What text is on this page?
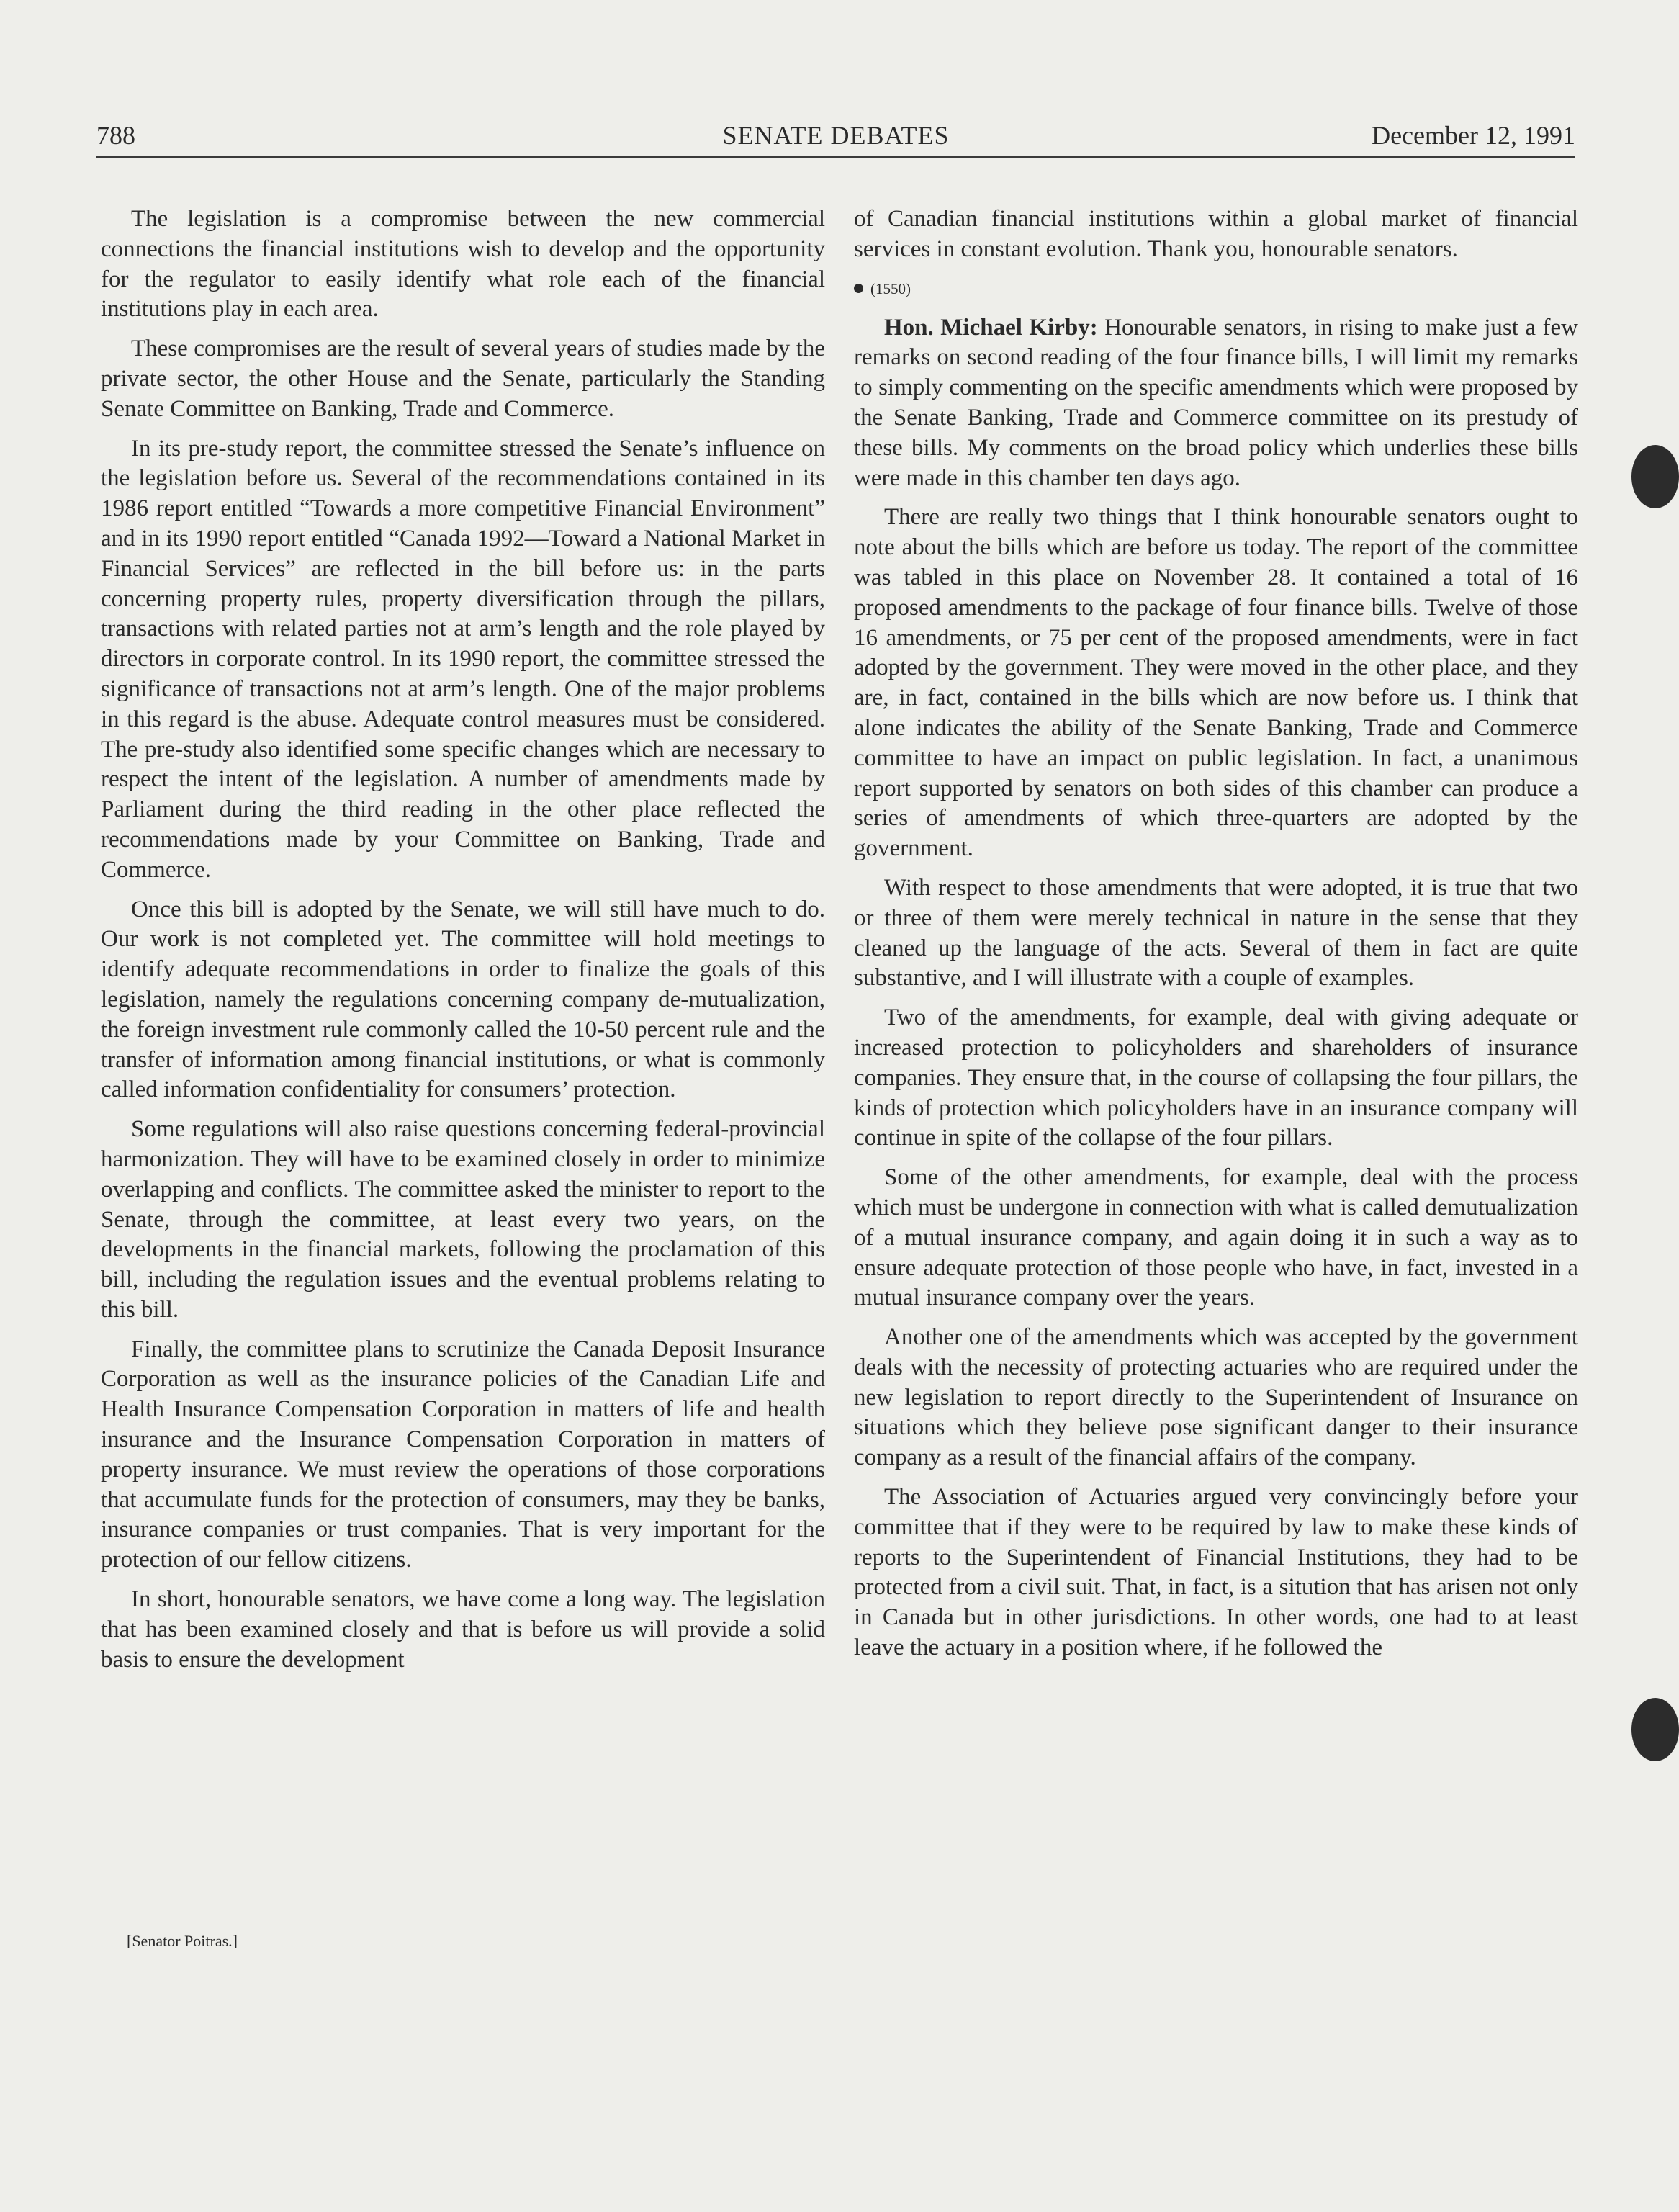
788	SENATE DEBATES	December 12, 1991

The legislation is a compromise between the new commercial connections the financial institutions wish to develop and the opportunity for the regulator to easily identify what role each of the financial institutions play in each area.

These compromises are the result of several years of studies made by the private sector, the other House and the Senate, particularly the Standing Senate Committee on Banking, Trade and Commerce.

In its pre-study report, the committee stressed the Senate’s influence on the legislation before us. Several of the recommendations contained in its 1986 report entitled “Towards a more competitive Financial Environment” and in its 1990 report entitled “Canada 1992—Toward a National Market in Financial Services” are reflected in the bill before us: in the parts concerning property rules, property diversification through the pillars, transactions with related parties not at arm’s length and the role played by directors in corporate control. In its 1990 report, the committee stressed the significance of transactions not at arm’s length. One of the major problems in this regard is the abuse. Adequate control measures must be considered. The pre-study also identified some specific changes which are necessary to respect the intent of the legislation. A number of amendments made by Parliament during the third reading in the other place reflected the recommendations made by your Committee on Banking, Trade and Commerce.

Once this bill is adopted by the Senate, we will still have much to do. Our work is not completed yet. The committee will hold meetings to identify adequate recommendations in order to finalize the goals of this legislation, namely the regulations concerning company de-mutualization, the foreign investment rule commonly called the 10-50 percent rule and the transfer of information among financial institutions, or what is commonly called information confidentiality for consumers’ protection.

Some regulations will also raise questions concerning federal-provincial harmonization. They will have to be examined closely in order to minimize overlapping and conflicts. The committee asked the minister to report to the Senate, through the committee, at least every two years, on the developments in the financial markets, following the proclamation of this bill, including the regulation issues and the eventual problems relating to this bill.

Finally, the committee plans to scrutinize the Canada Deposit Insurance Corporation as well as the insurance policies of the Canadian Life and Health Insurance Compensation Corporation in matters of life and health insurance and the Insurance Compensation Corporation in matters of property insurance. We must review the operations of those corporations that accumulate funds for the protection of consumers, may they be banks, insurance companies or trust companies. That is very important for the protection of our fellow citizens.

In short, honourable senators, we have come a long way. The legislation that has been examined closely and that is before us will provide a solid basis to ensure the development

[Senator Poitras.]

of Canadian financial institutions within a global market of financial services in constant evolution. Thank you, honourable senators.

(1550)

Hon. Michael Kirby: Honourable senators, in rising to make just a few remarks on second reading of the four finance bills, I will limit my remarks to simply commenting on the specific amendments which were proposed by the Senate Banking, Trade and Commerce committee on its prestudy of these bills. My comments on the broad policy which underlies these bills were made in this chamber ten days ago.

There are really two things that I think honourable senators ought to note about the bills which are before us today. The report of the committee was tabled in this place on November 28. It contained a total of 16 proposed amendments to the package of four finance bills. Twelve of those 16 amendments, or 75 per cent of the proposed amendments, were in fact adopted by the government. They were moved in the other place, and they are, in fact, contained in the bills which are now before us. I think that alone indicates the ability of the Senate Banking, Trade and Commerce committee to have an impact on public legislation. In fact, a unanimous report supported by senators on both sides of this chamber can produce a series of amendments of which three-quarters are adopted by the government.

With respect to those amendments that were adopted, it is true that two or three of them were merely technical in nature in the sense that they cleaned up the language of the acts. Several of them in fact are quite substantive, and I will illustrate with a couple of examples.

Two of the amendments, for example, deal with giving adequate or increased protection to policyholders and shareholders of insurance companies. They ensure that, in the course of collapsing the four pillars, the kinds of protection which policyholders have in an insurance company will continue in spite of the collapse of the four pillars.

Some of the other amendments, for example, deal with the process which must be undergone in connection with what is called demutualization of a mutual insurance company, and again doing it in such a way as to ensure adequate protection of those people who have, in fact, invested in a mutual insurance company over the years.

Another one of the amendments which was accepted by the government deals with the necessity of protecting actuaries who are required under the new legislation to report directly to the Superintendent of Insurance on situations which they believe pose significant danger to their insurance company as a result of the financial affairs of the company.

The Association of Actuaries argued very convincingly before your committee that if they were to be required by law to make these kinds of reports to the Superintendent of Financial Institutions, they had to be protected from a civil suit. That, in fact, is a sitution that has arisen not only in Canada but in other jurisdictions. In other words, one had to at least leave the actuary in a position where, if he followed the
